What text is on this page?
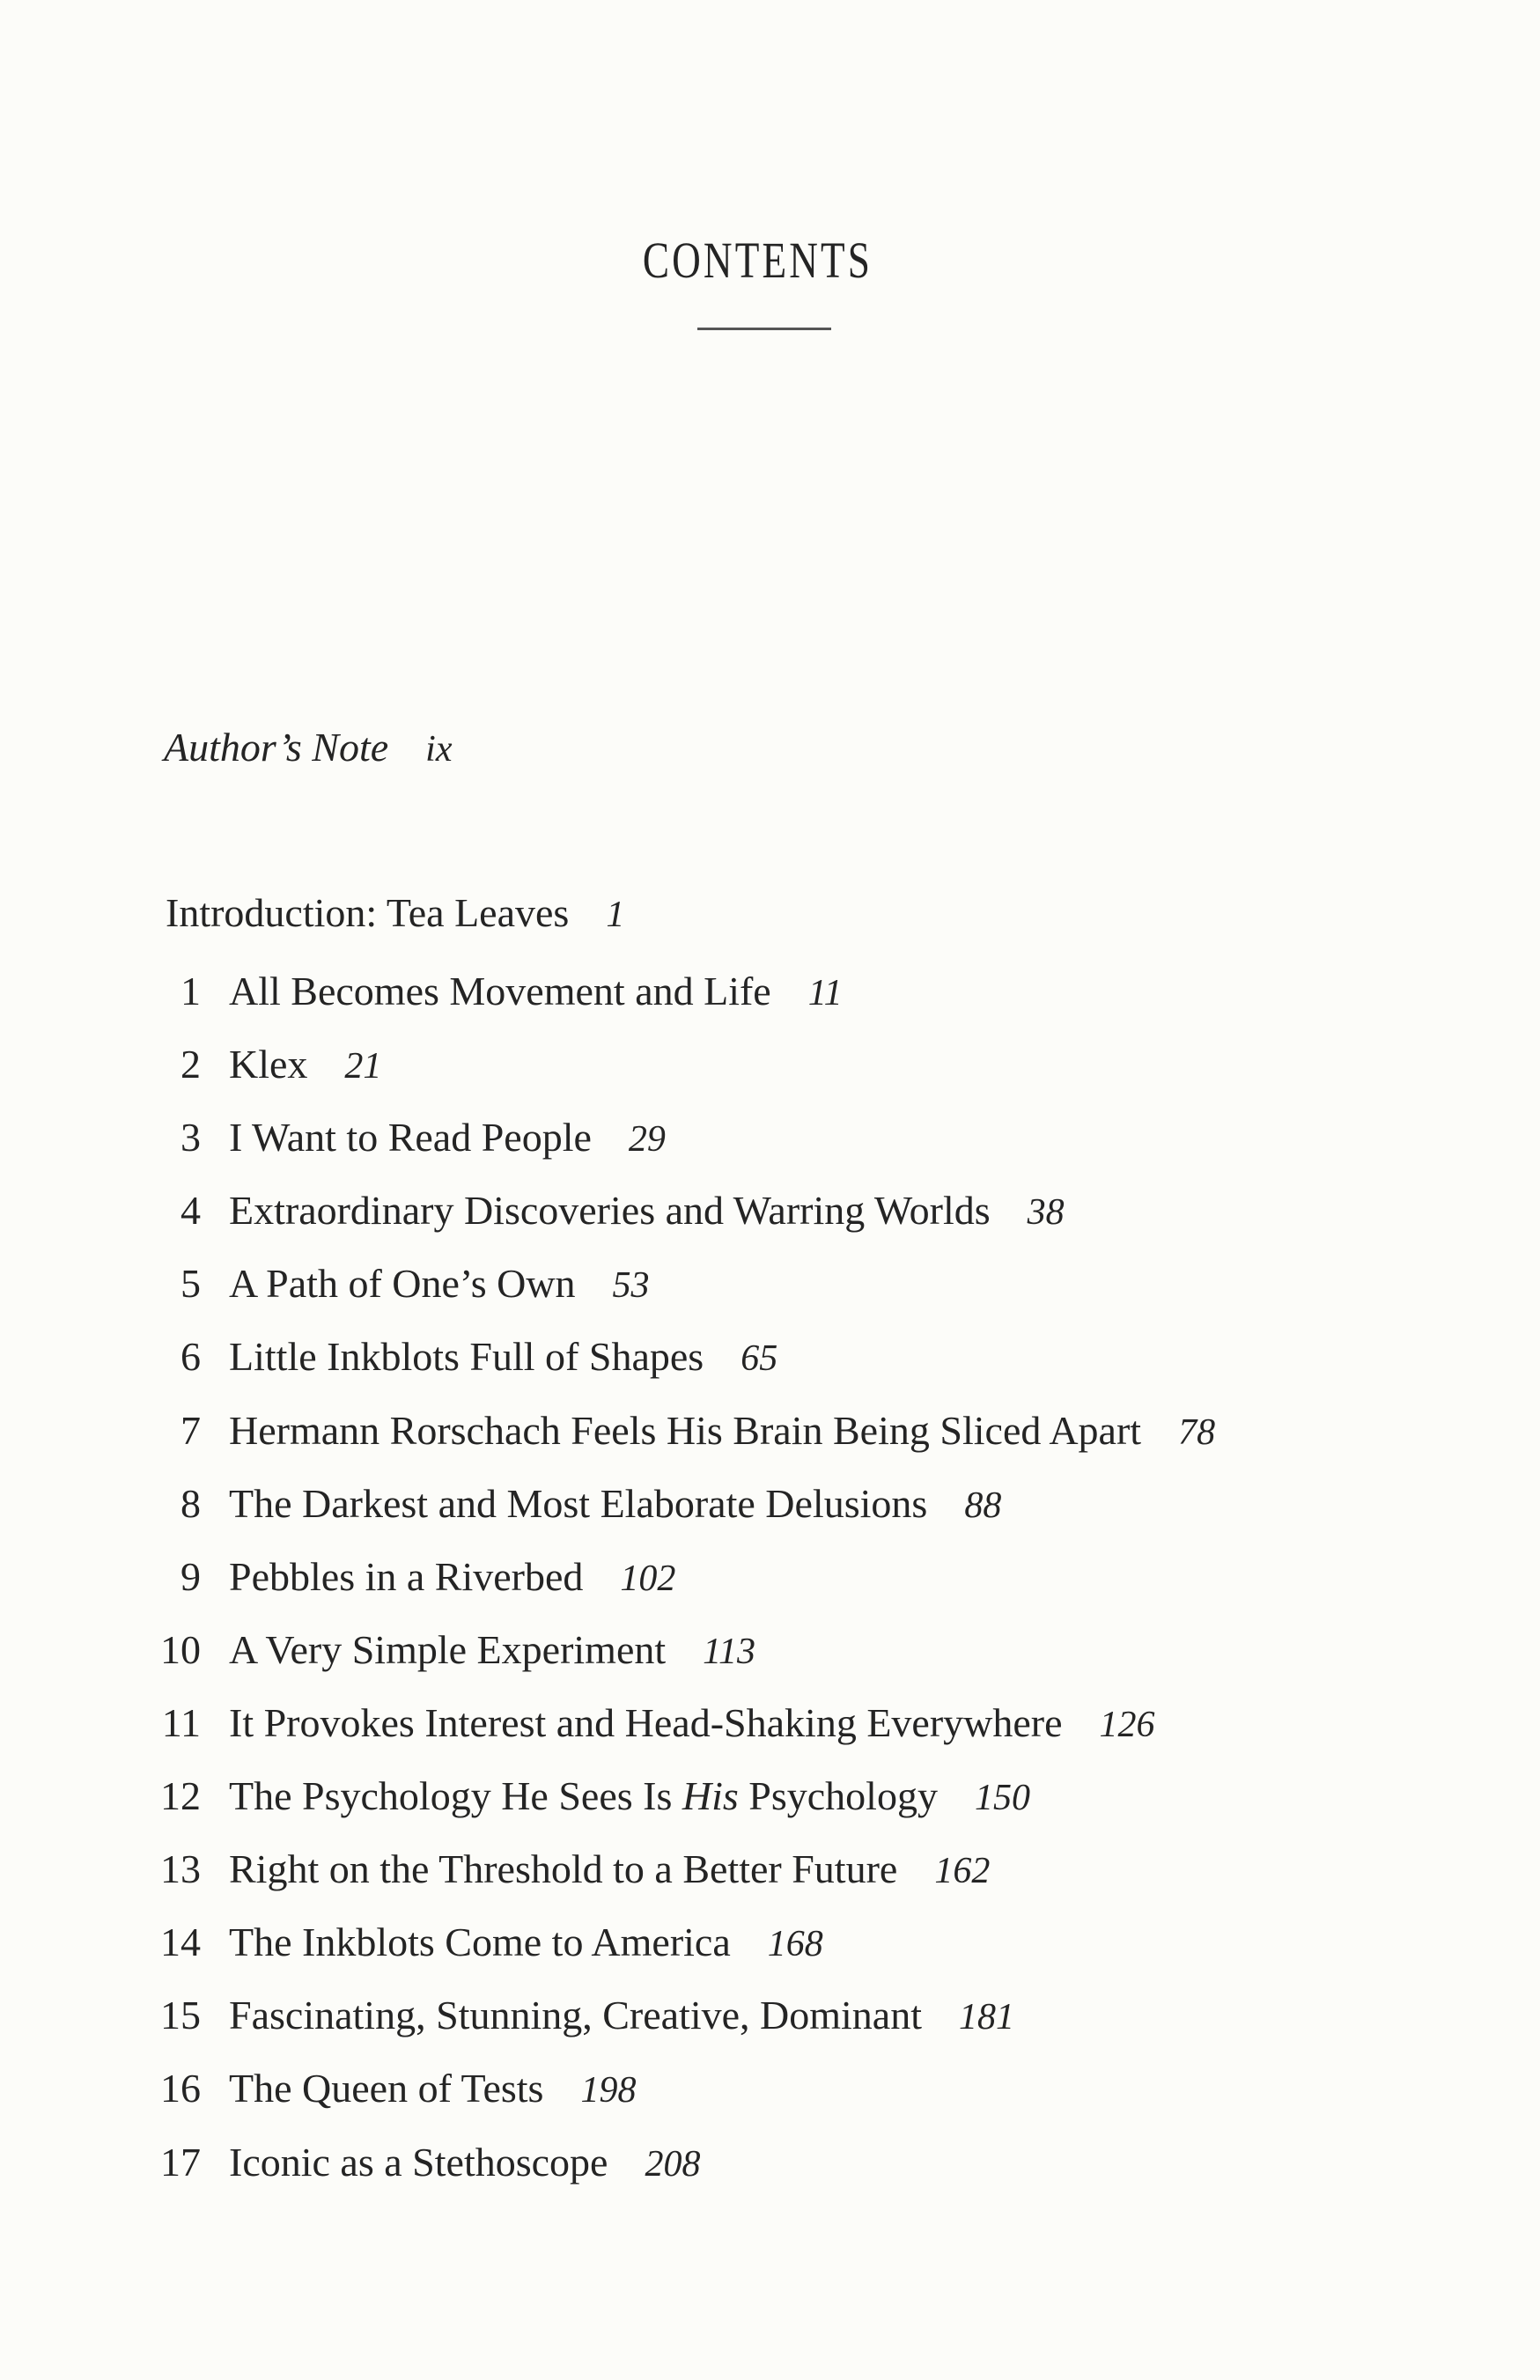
CONTENTS
Author’s Note ix
Introduction: Tea Leaves 1
1 All Becomes Movement and Life 11
2 Klex 21
3 I Want to Read People 29
4 Extraordinary Discoveries and Warring Worlds 38
5 A Path of One’s Own 53
6 Little Inkblots Full of Shapes 65
7 Hermann Rorschach Feels His Brain Being Sliced Apart 78
8 The Darkest and Most Elaborate Delusions 88
9 Pebbles in a Riverbed 102
10 A Very Simple Experiment 113
11 It Provokes Interest and Head-Shaking Everywhere 126
12 The Psychology He Sees Is His Psychology 150
13 Right on the Threshold to a Better Future 162
14 The Inkblots Come to America 168
15 Fascinating, Stunning, Creative, Dominant 181
16 The Queen of Tests 198
17 Iconic as a Stethoscope 208
